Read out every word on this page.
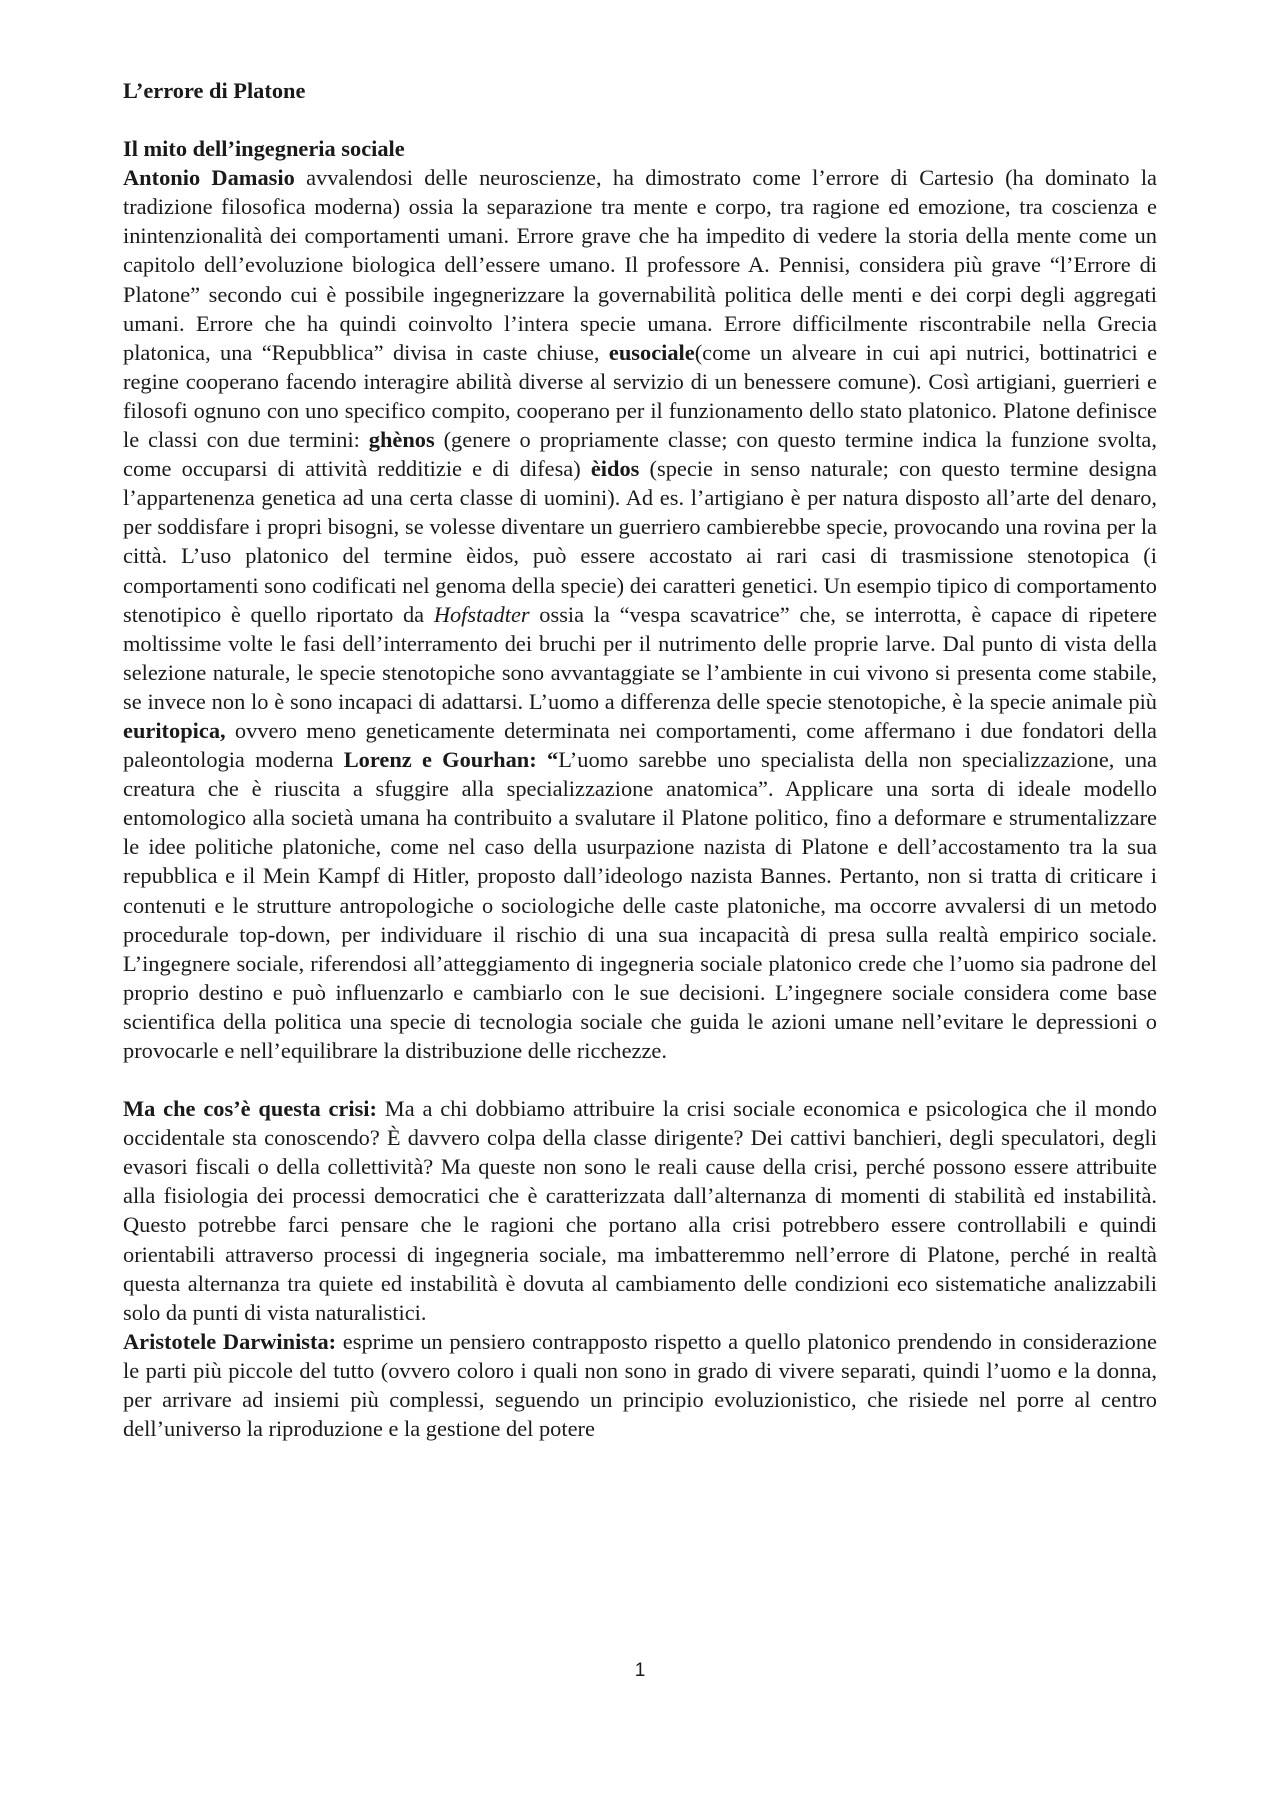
L’errore di Platone

Il mito dell’ingegneria sociale

Antonio Damasio avvalendosi delle neuroscienze, ha dimostrato come l’errore di Cartesio (ha dominato la tradizione filosofica moderna) ossia la separazione tra mente e corpo, tra ragione ed emozione, tra coscienza e inintenzionalità dei comportamenti umani. Errore grave che ha impedito di vedere la storia della mente come un capitolo dell’evoluzione biologica dell’essere umano. Il professore A. Pennisi, considera più grave “l’Errore di Platone” secondo cui è possibile ingegnerizzare la governabilità politica delle menti e dei corpi degli aggregati umani. Errore che ha quindi coinvolto l’intera specie umana. Errore difficilmente riscontrabile nella Grecia platonica, una “Repubblica” divisa in caste chiuse, eusociale(come un alveare in cui api nutrici, bottinatrici e regine cooperano facendo interagire abilità diverse al servizio di un benessere comune). Così artigiani, guerrieri e filosofi ognuno con uno specifico compito, cooperano per il funzionamento dello stato platonico. Platone definisce le classi con due termini: ghènos (genere o propriamente classe; con questo termine indica la funzione svolta, come occuparsi di attività redditizie e di difesa) èidos (specie in senso naturale; con questo termine designa l’appartenenza genetica ad una certa classe di uomini). Ad es. l’artigiano è per natura disposto all’arte del denaro, per soddisfare i propri bisogni, se volesse diventare un guerriero cambierebbe specie, provocando una rovina per la città. L’uso platonico del termine èidos, può essere accostato ai rari casi di trasmissione stenotopica (i comportamenti sono codificati nel genoma della specie) dei caratteri genetici. Un esempio tipico di comportamento stenotipico è quello riportato da Hofstadter ossia la “vespa scavatrice” che, se interrotta, è capace di ripetere moltissime volte le fasi dell’interramento dei bruchi per il nutrimento delle proprie larve. Dal punto di vista della selezione naturale, le specie stenotopiche sono avvantaggiate se l’ambiente in cui vivono si presenta come stabile, se invece non lo è sono incapaci di adattarsi. L’uomo a differenza delle specie stenotopiche, è la specie animale più euritopica, ovvero meno geneticamente determinata nei comportamenti, come affermano i due fondatori della paleontologia moderna Lorenz e Gourhan: “L’uomo sarebbe uno specialista della non specializzazione, una creatura che è riuscita a sfuggire alla specializzazione anatomica”. Applicare una sorta di ideale modello entomologico alla società umana ha contribuito a svalutare il Platone politico, fino a deformare e strumentalizzare le idee politiche platoniche, come nel caso della usurpazione nazista di Platone e dell’accostamento tra la sua repubblica e il Mein Kampf di Hitler, proposto dall’ideologo nazista Bannes. Pertanto, non si tratta di criticare i contenuti e le strutture antropologiche o sociologiche delle caste platoniche, ma occorre avvalersi di un metodo procedurale top-down, per individuare il rischio di una sua incapacità di presa sulla realtà empirico sociale. L’ingegnere sociale, riferendosi all’atteggiamento di ingegneria sociale platonico crede che l’uomo sia padrone del proprio destino e può influenzarlo e cambiarlo con le sue decisioni. L’ingegnere sociale considera come base scientifica della politica una specie di tecnologia sociale che guida le azioni umane nell’evitare le depressioni o provocarle e nell’equilibrare la distribuzione delle ricchezze.

Ma che cos’è questa crisi: Ma a chi dobbiamo attribuire la crisi sociale economica e psicologica che il mondo occidentale sta conoscendo? È davvero colpa della classe dirigente? Dei cattivi banchieri, degli speculatori, degli evasori fiscali o della collettività? Ma queste non sono le reali cause della crisi, perché possono essere attribuite alla fisiologia dei processi democratici che è caratterizzata dall’alternanza di momenti di stabilità ed instabilità. Questo potrebbe farci pensare che le ragioni che portano alla crisi potrebbero essere controllabili e quindi orientabili attraverso processi di ingegneria sociale, ma imbatteremmo nell’errore di Platone, perché in realtà questa alternanza tra quiete ed instabilità è dovuta al cambiamento delle condizioni eco sistematiche analizzabili solo da punti di vista naturalistici.

Aristotele Darwinista: esprime un pensiero contrapposto rispetto a quello platonico prendendo in considerazione le parti più piccole del tutto (ovvero coloro i quali non sono in grado di vivere separati, quindi l’uomo e la donna, per arrivare ad insiemi più complessi, seguendo un principio evoluzionistico, che risiede nel porre al centro dell’universo la riproduzione e la gestione del potere

1
